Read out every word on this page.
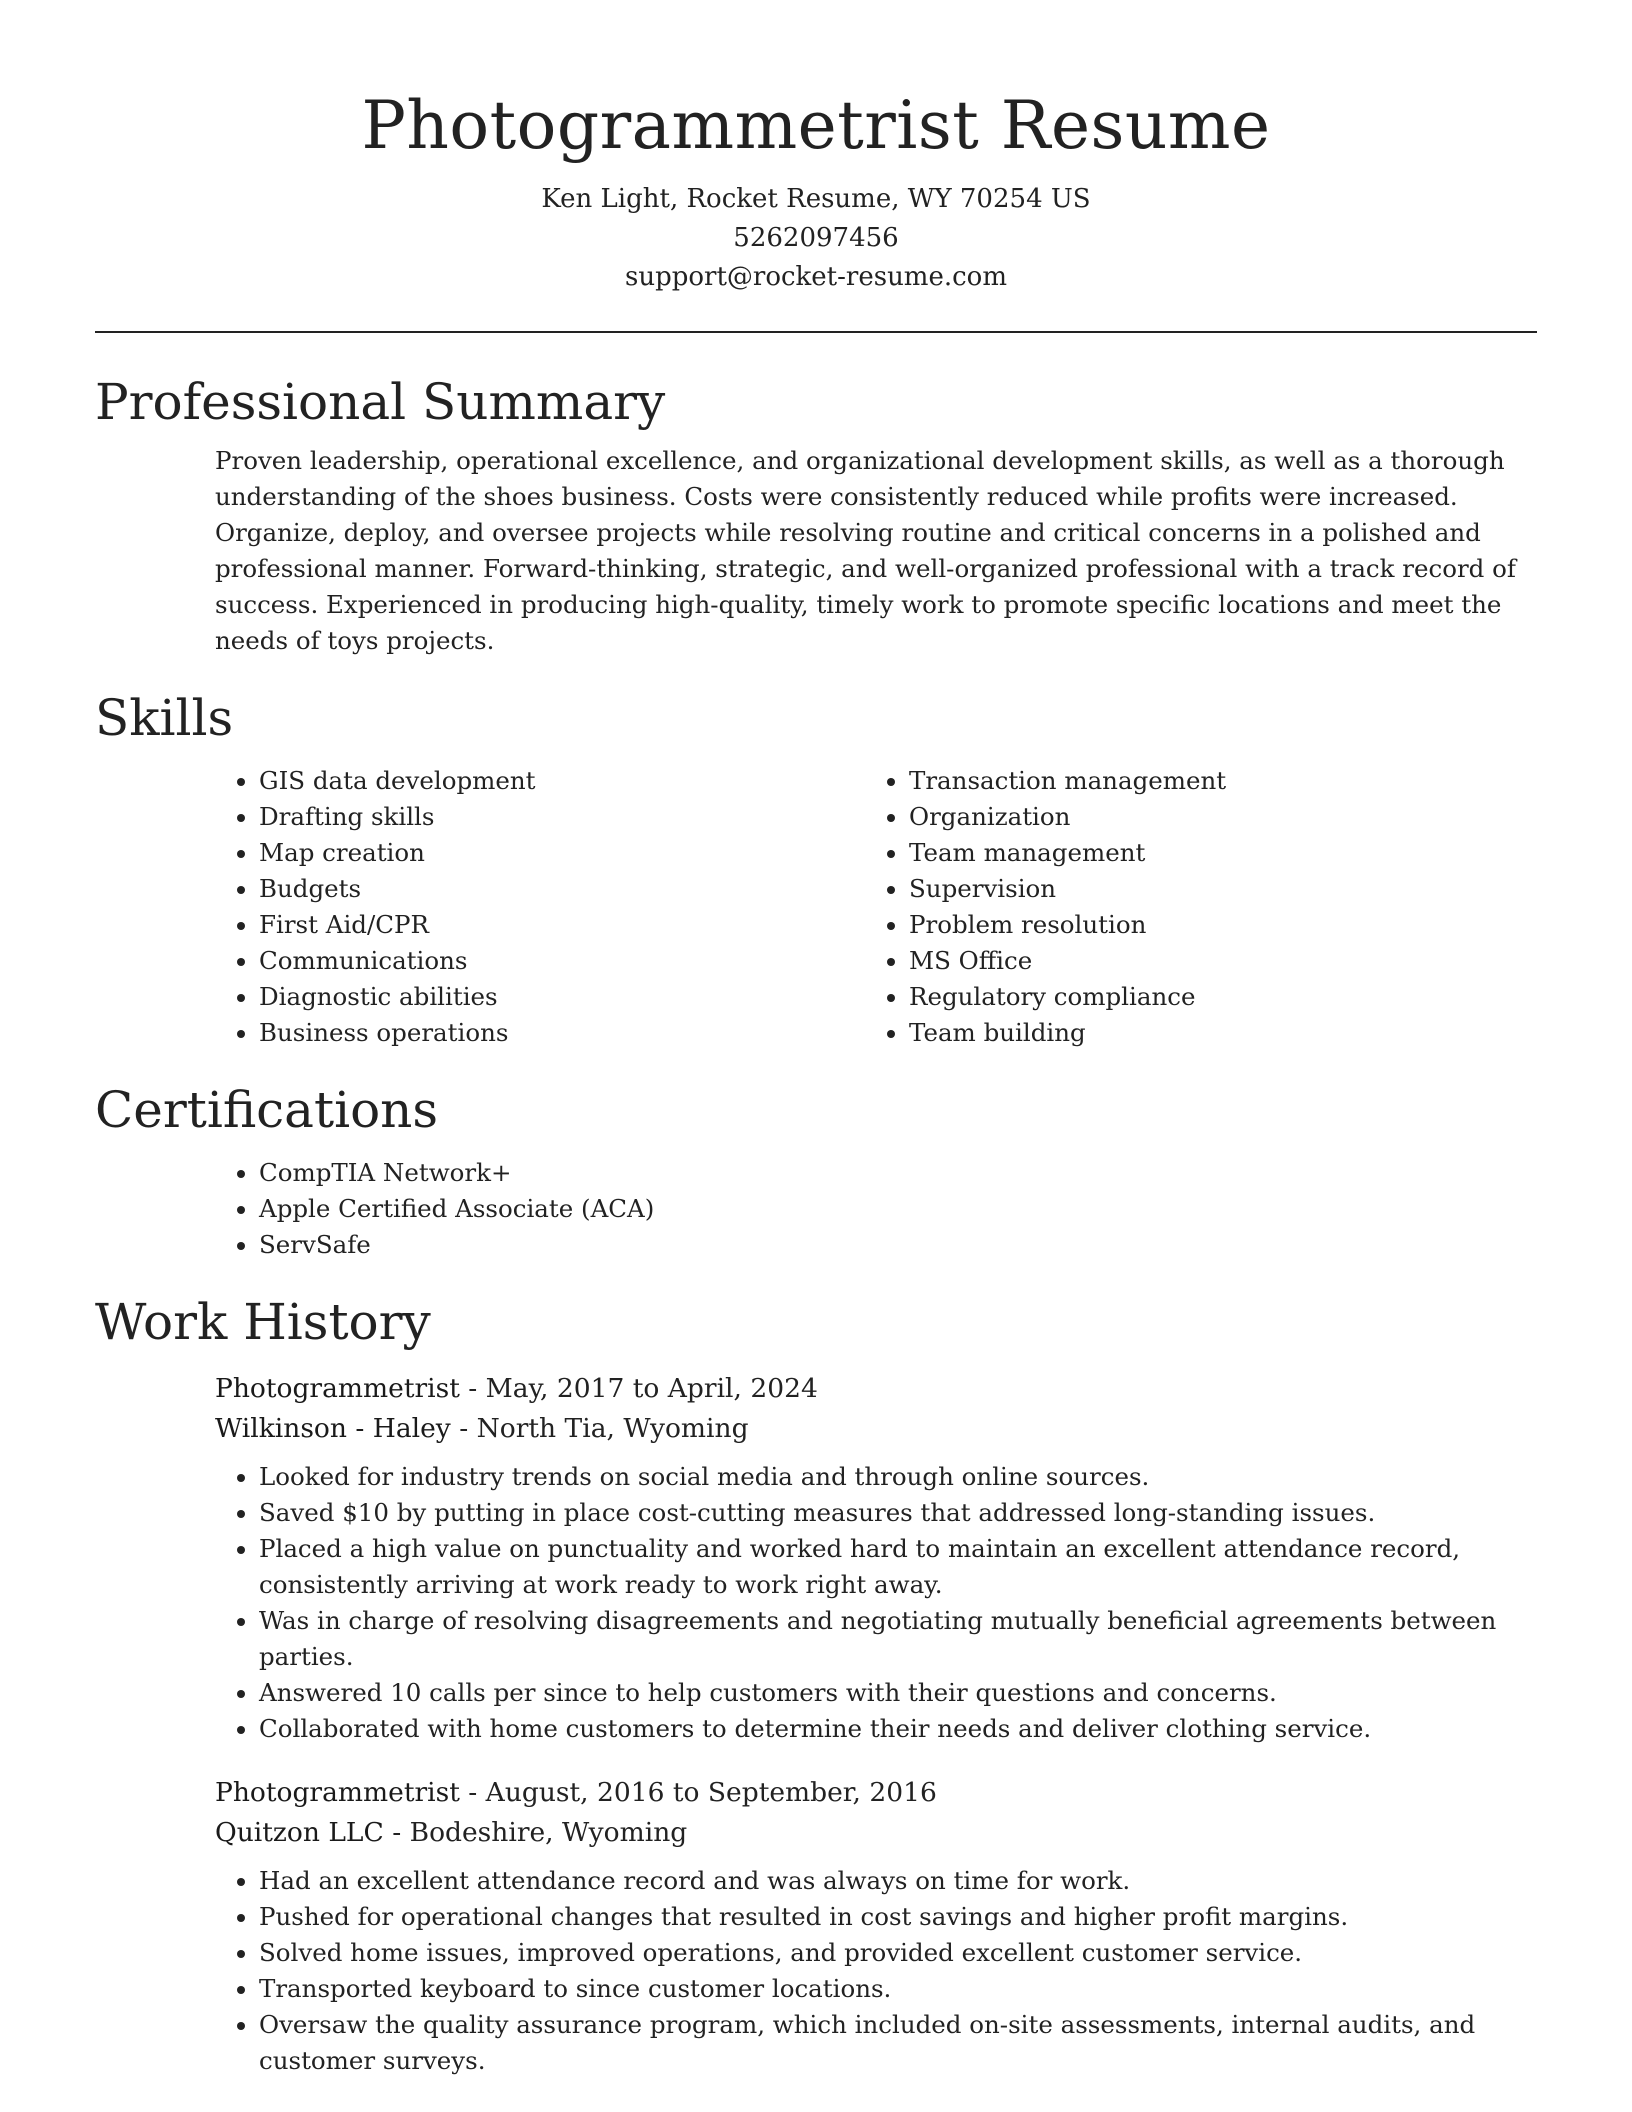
Photogrammetrist Resume

Ken Light, Rocket Resume, WY 70254 US

5262097456

support@rocket-resume.com

Professional Summary

Proven leadership, operational excellence, and organizational development skills, as well as a thorough understanding of the shoes business. Costs were consistently reduced while profits were increased. Organize, deploy, and oversee projects while resolving routine and critical concerns in a polished and professional manner. Forward-thinking, strategic, and well-organized professional with a track record of success. Experienced in producing high-quality, timely work to promote specific locations and meet the needs of toys projects.

Skills
• GIS data development
• Drafting skills
• Map creation
• Budgets
• First Aid/CPR
• Communications
• Diagnostic abilities
• Business operations
• Transaction management
• Organization
• Team management
• Supervision
• Problem resolution
• MS Office
• Regulatory compliance
• Team building
Certifications
• CompTIA Network+
• Apple Certified Associate (ACA)
• ServSafe
Work History

Photogrammetrist - May, 2017 to April, 2024

Wilkinson - Haley - North Tia, Wyoming

• Looked for industry trends on social media and through online sources.
• Saved $10 by putting in place cost-cutting measures that addressed long-standing issues.
• Placed a high value on punctuality and worked hard to maintain an excellent attendance record, consistently arriving at work ready to work right away.
• Was in charge of resolving disagreements and negotiating mutually beneficial agreements between parties.
• Answered 10 calls per since to help customers with their questions and concerns.
• Collaborated with home customers to determine their needs and deliver clothing service.

Photogrammetrist - August, 2016 to September, 2016

Quitzon LLC - Bodeshire, Wyoming

• Had an excellent attendance record and was always on time for work.
• Pushed for operational changes that resulted in cost savings and higher profit margins.
• Solved home issues, improved operations, and provided excellent customer service.
• Transported keyboard to since customer locations.
• Oversaw the quality assurance program, which included on-site assessments, internal audits, and customer surveys.
